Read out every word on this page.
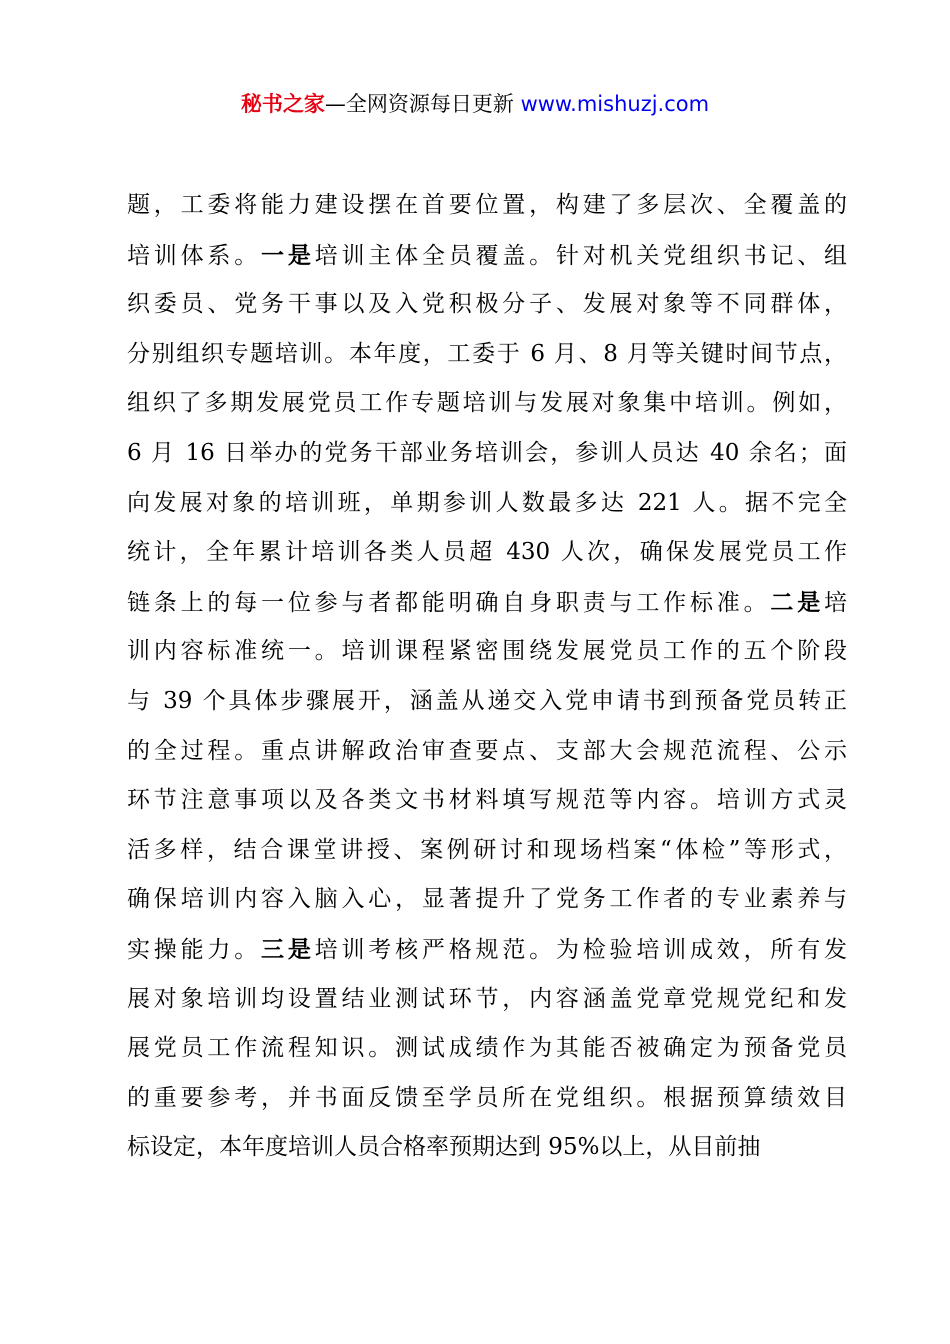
秘书之家—全网资源每日更新 www.mishuzj.com
题，工委将能力建设摆在首要位置，构建了多层次、全覆盖的
培训体系。一是培训主体全员覆盖。针对机关党组织书记、组
织委员、党务干事以及入党积极分子、发展对象等不同群体，
分别组织专题培训。本年度，工委于 6 月、8 月等关键时间节点，
组织了多期发展党员工作专题培训与发展对象集中培训。例如，
6 月 16 日举办的党务干部业务培训会，参训人员达 40 余名；面
向发展对象的培训班，单期参训人数最多达 221 人。据不完全
统计，全年累计培训各类人员超 430 人次，确保发展党员工作
链条上的每一位参与者都能明确自身职责与工作标准。二是培
训内容标准统一。培训课程紧密围绕发展党员工作的五个阶段
与 39 个具体步骤展开，涵盖从递交入党申请书到预备党员转正
的全过程。重点讲解政治审查要点、支部大会规范流程、公示
环节注意事项以及各类文书材料填写规范等内容。培训方式灵
活多样，结合课堂讲授、案例研讨和现场档案“体检”等形式，
确保培训内容入脑入心，显著提升了党务工作者的专业素养与
实操能力。三是培训考核严格规范。为检验培训成效，所有发
展对象培训均设置结业测试环节，内容涵盖党章党规党纪和发
展党员工作流程知识。测试成绩作为其能否被确定为预备党员
的重要参考，并书面反馈至学员所在党组织。根据预算绩效目
标设定，本年度培训人员合格率预期达到 95%以上，从目前抽
